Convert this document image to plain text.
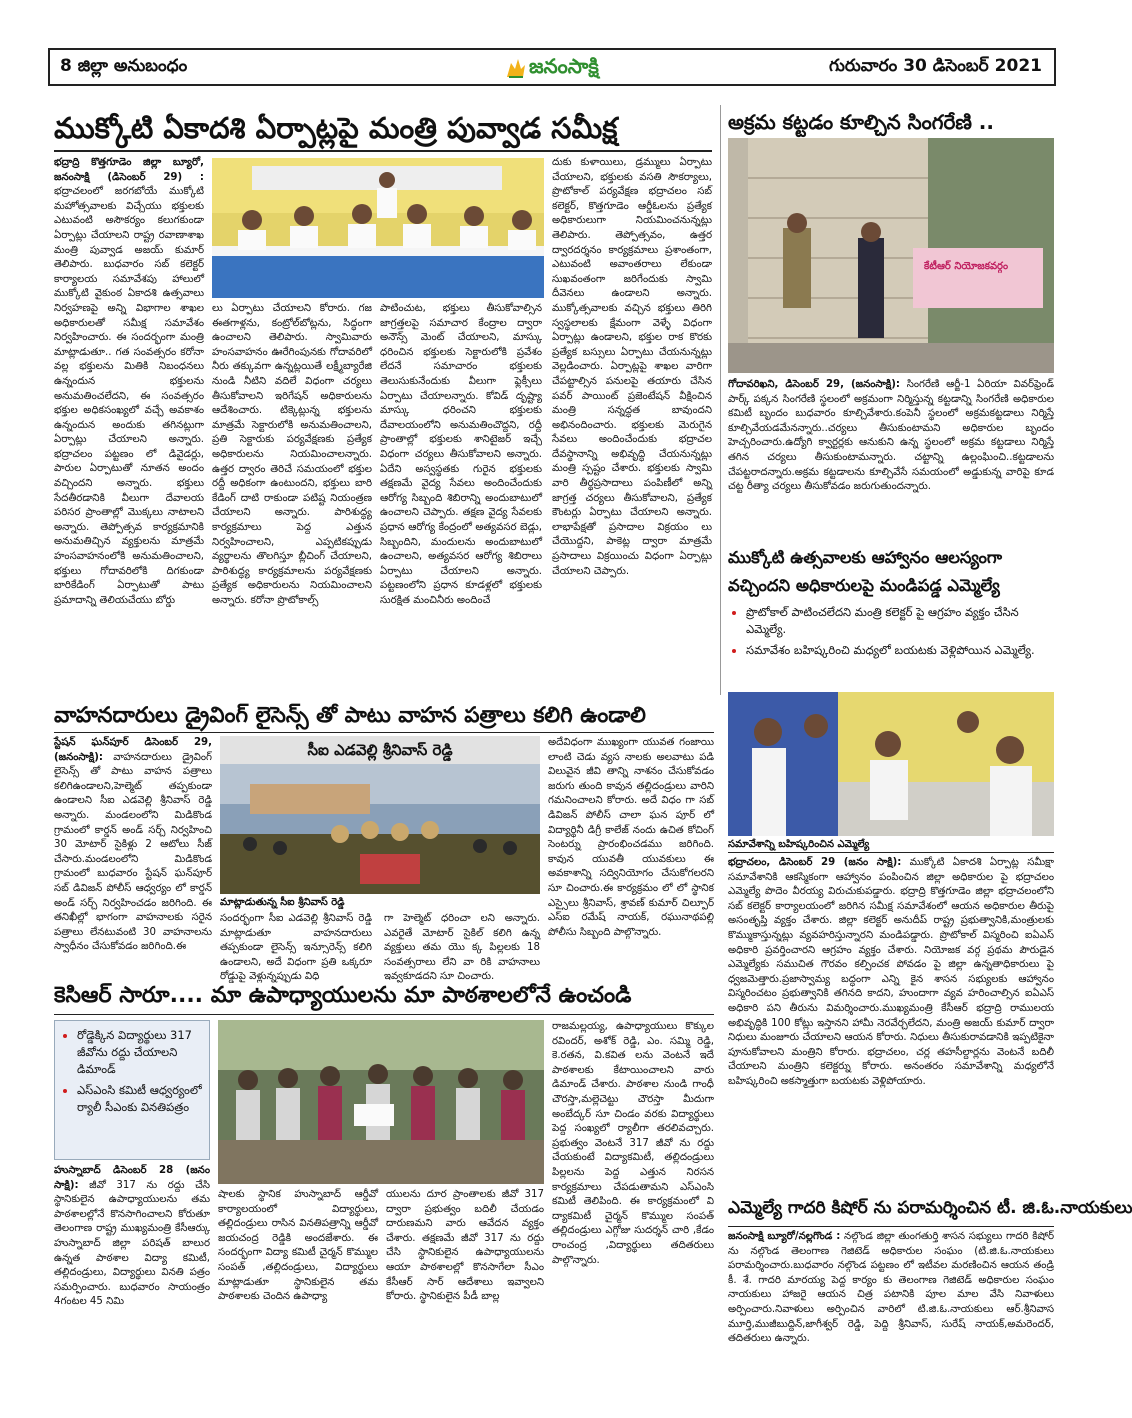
8 జిల్లా అనుబంధం	జనంసాక్షి	గురువారం 30 డిసెంబర్ 2021
ముక్కోటి ఏకాదశి ఏర్పాట్లపై మంత్రి పువ్వాడ సమీక్ష
భద్రాద్రి కొత్తగూడెం జిల్లా బ్యూరో, జనంసాక్షి (డిసెంబర్ 29) : భద్రాచలంలో జరగబోయే ముక్కోటి మహోత్సవాలకు విచ్చేయు భక్తులకు ఎటువంటి అసౌకర్యం కలుగకుండా ఏర్పాట్లు చేయాలని రాష్ట్ర రవాణాశాఖ మంత్రి పువ్వాడ అజయ్ కుమార్ తెలిపారు. బుధవారం సబ్ కలెక్టర్ కార్యాలయ సమావేశపు హాలులో ముక్కోటి వైకుంఠ ఏకాదశి ఉత్సవాలు నిర్వహణపై అన్ని విభాగాల శాఖల అధికారులతో సమీక్ష సమావేశం నిర్వహించారు. ఈ సందర్భంగా మంత్రి మాట్లాడుతూ.. గత సంవత్సరం కరోనా వల్ల భక్తులను మితికి నిబంధనలు ఉన్నందున భక్తులను అనుమతించలేదని, ఈ సంవత్సరం భక్తుల అధికసంఖ్యలో వచ్చే అవకాశం ఉన్నందున అందుకు తగినట్లుగా ఏర్పాట్లు చేయాలని అన్నారు. భద్రాచలం పట్టణం లో డివైడర్లు, పారుల ఏర్పాటుతో నూతన అందం వచ్చిందని అన్నారు. భక్తులు సేదతీరడానికి వీలుగా దేవాలయ పరిసర ప్రాంతాల్లో మొక్కలు నాటాలని అన్నారు. తెప్పోత్సవ కార్యక్రమానికి అనుమతిచ్చిన వ్యక్తులను మాత్రమే హంసవాహనంలోకి అనుమతించాలని, భక్తులు గోదావరిలోకి దిగకుండా బారికేడింగ్ ఏర్పాటుతో పాటు ప్రమాదాన్ని తెలియచేయు బోర్డు
లు ఏర్పాటు చేయాలని కోరారు. గజ ఈతగాళ్లను, కంట్రోల్‌బోట్లను, సిద్ధంగా ఉంచాలని తెలిపారు. స్వామివారు హంసవాహనం ఊరేగింపునకు గోదావరిలో నీరు తక్కువగా ఉన్నట్లయితే లక్ష్మీబ్యారేజి నుండి నీటిని వదిలే విధంగా చర్యలు తీసుకోవాలని ఇరిగేషన్ అధికారులను ఆదేశించారు. టిక్కెట్లున్న భక్తులను మాత్రమే సెక్టారులోకి అనుమతించాలని, ప్రతి సెక్టారుకు పర్యవేక్షణకు ప్రత్యేక అధికారులను నియమించాలన్నారు. ఉత్తర ద్వారం తెరిచే సమయంలో భక్తుల రద్దీ అధికంగా ఉంటుందని, భక్తులు బారి కేడింగ్ దాటి రాకుండా పటిష్ట నియంత్రణ చేయాలని అన్నారు. పారిశుద్ధ్య కార్యక్రమాలు పెద్ద ఎత్తున నిర్వహించాలని, ఎప్పటికప్పుడు వ్యర్థాలను తొలగిస్తూ బ్లీచింగ్ చేయాలని, పారిశుద్ధ్య కార్యక్రమాలను పర్యవేక్షణకు ప్రత్యేక అధికారులను నియమించాలని అన్నారు. కరోనా ప్రొటోకాల్స్
పాటించుట, భక్తులు తీసుకోవాల్సిన జాగ్రత్తలపై సమాచార కేంద్రాల ద్వారా అనౌన్స్ మెంట్ చేయాలని, మాస్కు ధరించిన భక్తులకు సెక్టారులోకి ప్రవేశం లేదనే సమాచారం భక్తులకు తెలుసుకునేందుకు వీలుగా ఫ్లెక్సీలు ఏర్పాటు చేయాలన్నారు. కోవిడ్ దృష్ట్యా మాస్కు ధరించని భక్తులకు దేవాలయంలోని అనుమతించొద్దని, రద్దీ ప్రాంతాల్లో భక్తులకు శానిటైజర్ ఇచ్చే విధంగా చర్యలు తీసుకోవాలని అన్నారు. ఏదేని అస్వస్థతకు గురైన భక్తులకు తక్షణమే వైద్య సేవలు అందించేందుకు ఆరోగ్య సిబ్బంది శిబిరాన్ని అందుబాటులో ఉంచాలని చెప్పారు. తక్షణ వైద్య సేవలకు ప్రధాన ఆరోగ్య కేంద్రంలో అత్యవసర బెడ్లు, సిబ్బందిని, మందులను అందుబాటులో ఉంచాలని, అత్యవసర ఆరోగ్య శిబిరాలు ఏర్పాటు చేయాలని అన్నారు. పట్టణంలోని ప్రధాన కూడళ్లలో భక్తులకు సురక్షిత మంచినీరు అందించే
దుకు కుళాయిలు, డ్రమ్ములు ఏర్పాటు చేయాలని, భక్తులకు వసతి సౌకర్యాలు, ప్రొటోకాల్ పర్యవేక్షణ భద్రాచలం సబ్ కలెక్టర్, కొత్తగూడెం ఆర్డీఓలను ప్రత్యేక అధికారులుగా నియమించనున్నట్లు తెలిపారు. తెప్పోత్సవం, ఉత్తర ద్వారదర్శనం కార్యక్రమాలు ప్రశాంతంగా, ఎటువంటి అవాంతరాలు లేకుండా సుఖవంతంగా జరిగేందుకు స్వామి దీవెనలు ఉండాలని అన్నారు. ముక్కోత్సవాలకు వచ్చిన భక్తులు తిరిగి స్వస్థలాలకు క్షేమంగా వెళ్ళే విధంగా ఏర్పాట్లు ఉండాలని, భక్తుల రాక కొరకు ప్రత్యేక బస్సులు ఏర్పాటు చేయనున్నట్లు వెల్లడించారు. ఏర్పాట్లపై శాఖల వారిగా చేపట్టాల్సిన పనులపై తయారు చేసిన పవర్ పాయింట్ ప్రజెంటేషన్ వీక్షించిన మంత్రి సన్నద్ధత బావుందని అభినందించారు. భక్తులకు మెరుగైన సేవలు అందించేందుకు భద్రాచల దేవస్థానాన్ని అభివృద్ధి చేయనున్నట్లు మంత్రి స్పష్టం చేశారు. భక్తులకు స్వామి వారి తీర్థప్రసాదాలు పంపిణీలో అన్ని జాగ్రత్త చర్యలు తీసుకోవాలని, ప్రత్యేక కౌంటర్లు ఏర్పాటు చేయాలని అన్నారు. లాభాపేక్షతో ప్రసాదాల విక్రయం లు చేయొద్దని, పాకెట్ల ద్వారా మాత్రమే ప్రసాదాలు విక్రయించు విధంగా ఏర్పాట్లు చేయాలని చెప్పారు.
అక్రమ కట్టడం కూల్చిన సింగరేణి ..
కేటీఆర్ నియోజకవర్గం
గోదావరిఖని, డిసెంబర్ 29, (జనంసాక్షి): సింగరేణి ఆర్జీ-1 ఏరియా వివర్‌ఫ్రెండ్ పార్క్ పక్కన సింగరేణి స్థలంలో అక్రమంగా నిర్మిస్తున్న కట్టడాన్ని సింగరేణి అధికారుల కమిటీ బృందం బుధవారం కూల్చివేశారు.కంపెనీ స్థలంలో అక్రమకట్టడాలు నిర్మిస్తే కూల్చివేయడమేనన్నారు..చర్యలు తీసుకుంటామని అధికారుల బృందం హెచ్చరించారు.ఉద్యోగి క్వార్టర్లకు ఆనుకుని ఉన్న స్థలంలో అక్రమ కట్టడాలు నిర్మిస్తే తగిన చర్యలు తీసుకుంటామన్నారు. చట్టాన్ని ఉల్లంఘించి..కట్టడాలను చేపట్టరాదన్నారు.అక్రమ కట్టడాలను కూల్చివేసే సమయంలో అడ్డుకున్న వారిపై కూడ చట్ట రీత్యా చర్యలు తీసుకోవడం జరుగుతుందన్నారు.
ముక్కోటి ఉత్సవాలకు ఆహ్వానం ఆలస్యంగా
వచ్చిందని అధికారులపై మండిపడ్డ ఎమ్మెల్యే
• ప్రొటోకాల్ పాటించలేదని మంత్రి కలెక్టర్ పై ఆగ్రహం వ్యక్తం చేసిన ఎమ్మెల్యే.
• సమావేశం బహిష్కరించి మధ్యలో బయటకు వెళ్లిపోయిన ఎమ్మెల్యే.
సమావేశాన్ని బహిష్కరించిన ఎమ్మెల్యే
భద్రాచలం, డిసెంబర్ 29 (జనం సాక్షి): ముక్కోటి ఏకాదశి ఏర్పాట్ల సమీక్షా సమావేశానికి ఆకస్మికంగా ఆహ్వానం పంపించిన జిల్లా అధికారుల పై భద్రాచలం ఎమ్మెల్యే పొదెం వీరయ్య విరుచుకుపడ్డారు. భద్రాద్రి కొత్తగూడెం జిల్లా భద్రాచలంలోని సబ్ కలెక్టర్ కార్యాలయంలో జరిగిన సమీక్ష సమావేశంలో ఆయన అధికారుల తీరుపై అసంతృప్తి వ్యక్తం చేశారు. జిల్లా కలెక్టర్ అనుదీప్ రాష్ట్ర ప్రభుత్వానికి,మంత్రులకు కొమ్ముకాస్తున్నట్లు వ్యవహరిస్తున్నారని మండిపడ్డారు. ప్రొటోకాల్ విస్మరించి ఐఏఎస్ అధికారి ప్రవర్తించారని ఆగ్రహం వ్యక్తం చేశారు. నియోజక వర్గ ప్రథమ పౌరుడైన ఎమ్మెల్యేకు సముచిత గౌరవం కల్పించక పోవడం పై జిల్లా ఉన్నతాధికారులు పై ధ్వజమెత్తారు.ప్రజాస్వామ్య బద్ధంగా ఎన్ని కైన శాసన సభ్యులకు ఆహ్వానం విస్మరించటం ప్రభుత్వానికి తగినది కాదని, హుందాగా వ్యవ హరించాల్సిన ఐఏఎస్ అధికారి పని తీరును విమర్శించారు.ముఖ్యమంత్రి కేసీఆర్ భద్రాద్రి రాములయ అభివృద్ధికి 100 కోట్లు ఇస్తానని హామీ నెరవేర్చలేదని, మంత్రి అజయ్ కుమార్ ద్వారా నిధులు మంజూరు చేయాలని ఆయన కోరారు. నిధులు తీసుకురావడానికి ఇప్పటికైనా పూనుకోవాలని మంత్రిని కోరారు. భద్రాచలం, చర్ల తహసీల్దార్లను వెంటనే బదిలీ చేయాలని మంత్రిని కలెక్టర్ను కోరారు. అనంతరం సమావేశాన్ని మధ్యలోనే బహిష్కరించి అకస్మాత్తుగా బయటకు వెళ్లిపోయారు.
వాహనదారులు డ్రైవింగ్ లైసెన్స్ తో పాటు వాహన పత్రాలు కలిగి ఉండాలి
స్టేషన్ ఘన్‌పూర్ డిసెంబర్ 29, (జనంసాక్షి): వాహనదారులు డ్రైవింగ్ లైసెన్స్ తో పాటు వాహన పత్రాలు కలిగిఉండాలని,హెల్మెట్ తప్పకుండా ఉండాలని సీఐ ఎడవెల్లి శ్రీనివాస్ రెడ్డి అన్నారు. మండలంలోని మిడికొండ గ్రామంలో కార్డన్ అండ్ సర్చ్ నిర్వహించి 30 మోటార్ సైకిళ్లు 2 ఆటోలు సీజ్ చేసారు.మండలంలోని మిడికొండ గ్రామంలో బుధవారం స్టేషన్ ఘన్‌పూర్ సబ్ డివిజన్ పోలీస్ ఆధ్వర్యం లో కార్డన్ అండ్ సర్చ్ నిర్వహించడం జరిగింది. ఈ తనిఖీల్లో భాగంగా వాహనాలకు సరైన పత్రాలు లేనటువంటి 30 వాహనాలను స్వాధీనం చేసుకోవడం జరిగింది.ఈ
సీఐ ఎడవెల్లి శ్రీనివాస్ రెడ్డి
మాట్లాడుతున్న సీఐ శ్రీనివాస్ రెడ్డి
సందర్భంగా సీఐ ఎడవెల్లి శ్రీనివాస్ రెడ్డి మాట్లాడుతూ వాహనదారులు తప్పకుండా లైసెన్స్ ఇన్సూరెన్స్ కలిగి ఉండాలని, అదే విధంగా ప్రతి ఒక్కరూ రోడ్డుపై వెళ్లున్నప్పుడు విధి
గా హెల్మెట్ ధరించా లని అన్నారు. ఎవరైతే మోటార్ సైకిల్ కలిగి ఉన్న వ్యక్తులు తమ యొ క్క పిల్లలకు 18 సంవత్సరాలు లేని వా రికి వాహనాలు ఇవ్వకూడదని సూ చించారు.
అదేవిధంగా ముఖ్యంగా యువత గంజాయి లాంటి చెడు వ్యస నాలకు అలవాటు పడి విలువైన జీవి తాన్ని నాశనం చేసుకోవడం జరుగు తుంది కావున తల్లిదండ్రులు వారిని గమనించాలని కోరారు. అదే విధం గా సబ్ డివిజన్ పోలీస్ చాలా ఘన పూర్ లో విద్యార్థినీ డిగ్రీ కాలేజ్ నందు ఉచిత కోచింగ్ సెంటర్ను ప్రారంభించడము జరిగింది. కావున యువతీ యువకులు ఈ అవకాశాన్ని సద్వినియోగం చేసుకోగలరని సూ చించారు.ఈ కార్యక్రమం లో లో స్థానిక ఎస్సైలు శ్రీనివాస్, శ్రావణ్ కుమార్ చిల్పూర్ ఎస్ఐ రమేష్ నాయక్, రఘునాథపల్లి పోలీసు సిబ్బంది పాల్గొన్నారు.
కెసిఆర్ సారూ.... మా ఉపాధ్యాయులను మా పాఠశాలలోనే ఉంచండి
• రోడ్డెక్కిన విద్యార్థులు 317 జీవోను రద్దు చేయాలని డిమాండ్
• ఎస్ఎంసి కమిటీ ఆధ్వర్యంలో ర్యాలీ సీఎంకు వినతిపత్రం
హుస్నాబాద్ డిసెంబర్ 28 (జనం సాక్షి): జీవో 317 ను రద్దు చేసి స్థానికులైన ఉపాధ్యాయులను తమ పాఠశాలల్లోనే కొనసాగించాలని కోరుతూ తెలంగాణ రాష్ట్ర ముఖ్యమంత్రి కేసీఆర్కు హుస్నాబాద్ జిల్లా పరిషత్ బాలుర ఉన్నత పాఠశాల విద్యా కమిటీ, తల్లిదండ్రులు, విద్యార్థులు వినతి పత్రం సమర్పించారు. బుధవారం సాయంత్రం 4గంటల 45 నిమి
షాలకు స్థానిక హుస్నాబాద్ ఆర్డీవో కార్యాలయంలో విద్యార్థులు, తల్లిదండ్రులు రాసిన వినతిపత్రాన్ని ఆర్డీవో జయచంద్ర రెడ్డికి అందజేశారు. ఈ సందర్భంగా విద్యా కమిటీ చైర్మన్ కొమ్ముల సంపత్ ,తల్లిదండ్రులు, విద్యార్థులు మాట్లాడుతూ స్థానికులైన తమ పాఠశాలకు చెందిన ఉపాధ్యా
యులను దూర ప్రాంతాలకు జీవో 317 ద్వారా ప్రభుత్వం బదిలీ చేయడం దారుణమని వారు ఆవేదన వ్యక్తం చేశారు. తక్షణమే జీవో 317 ను రద్దు చేసి స్థానికులైన ఉపాధ్యాయులను ఆయా పాఠశాలల్లో కొనసాగేలా సీఎం కేసీఆర్ సార్ ఆదేశాలు ఇవ్వాలని కోరారు. స్థానికులైన పీడీ బాల్ల
రాజమల్లయ్య, ఉపాధ్యాయులు కొక్కుల రవిందర్, అశోక్ రెడ్డి, ఎం. సమ్మి రెడ్డి, కె.రతన, వి.కవిత లను వెంటనే ఇదే పాఠశాలకు కేటాయించాలని వారు డిమాండ్ చేశారు. పాఠశాల నుండి గాంధీ చౌరస్తా,మల్లెచెట్టు చౌరస్తా మీదుగా అంబేద్కర్ సూ చిండం వరకు విద్యార్థులు పెద్ద సంఖ్యలో ర్యాలీగా తరలివచ్చారు. ప్రభుత్వం వెంటనే 317 జీవో ను రద్దు చేయకుంటే విద్యాకమిటీ, తల్లిదండ్రులు పిల్లలను పెద్ద ఎత్తున నిరసన కార్యక్రమాలు చేపడుతామని ఎస్ఎంసి కమిటీ తెలిపింది. ఈ కార్యక్రమంలో వి ద్యాకమిటీ చైర్మన్ కొమ్ముల సంపత్ తల్లిదండ్రులు ఎగ్గోజు సుదర్శన్ చారి ,కేడం రాంచంద్ర ,విద్యార్థులు తదితరులు పాల్గొన్నారు.
ఎమ్మెల్యే గాదరి కిషోర్ ను పరామర్శించిన టీ. జి.ఓ.నాయకులు
జనంసాక్షి బ్యూరో/నల్లగొండ : నల్గొండ జిల్లా తుంగతుర్తి శాసన సభ్యులు గాదరి కిషోర్ ను నల్గొండ తెలంగాణ గెజిటెడ్ అధికారుల సంఘం (టి.జి.ఓ.నాయకులు పరామర్శించారు.బుధవారం నల్గొండ పట్టణం లో ఇటీవల మరణించిన ఆయన తండ్రి కీ. శే. గాదరి మారయ్య పెద్ద కార్యం కు తెలంగాణ గెజిటెడ్ అధికారుల సంఘం నాయకులు హాజరై ఆయన చిత్ర పటానికి పూల మాల వేసి నివాళులు అర్పించారు.నివాళులు అర్పించిన వారిలో టి.జి.ఓ.నాయకులు ఆర్.శ్రీనివాస మూర్తి,ముజీబుద్దిన్,జాగీశ్వర్ రెడ్డి, పెద్ది శ్రీనివాస్, సురేష్ నాయక్,అమరెందర్, తదితరులు ఉన్నారు.
